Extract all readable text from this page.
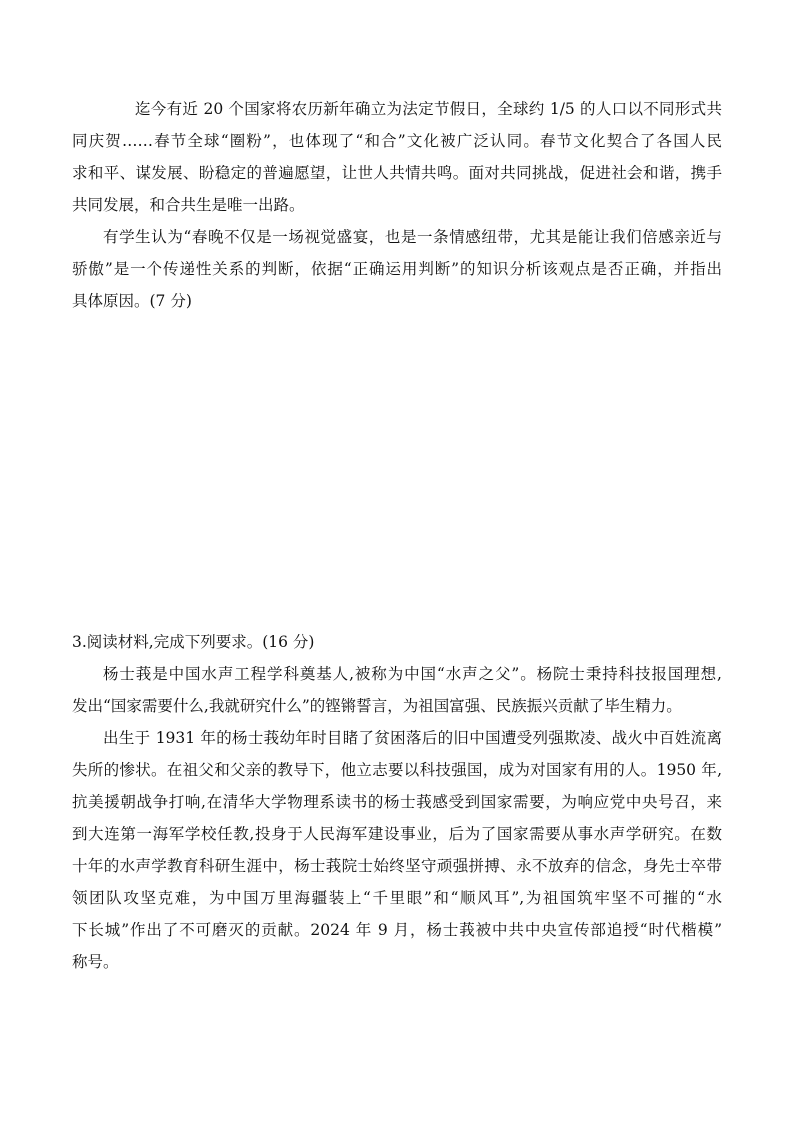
迄今有近 20 个国家将农历新年确立为法定节假日，全球约 1/5 的人口以不同形式共
同庆贺……春节全球“圈粉”，也体现了“和合”文化被广泛认同。春节文化契合了各国人民
求和平、谋发展、盼稳定的普遍愿望，让世人共情共鸣。面对共同挑战，促进社会和谐，携手
共同发展，和合共生是唯一出路。
有学生认为“春晚不仅是一场视觉盛宴，也是一条情感纽带，尤其是能让我们倍感亲近与
骄傲”是一个传递性关系的判断，依据“正确运用判断”的知识分析该观点是否正确，并指出
具体原因。(7 分)
3.阅读材料,完成下列要求。(16 分)
杨士莪是中国水声工程学科奠基人,被称为中国“水声之父”。杨院士秉持科技报国理想,
发出“国家需要什么,我就研究什么”的铿锵誓言，为祖国富强、民族振兴贡献了毕生精力。
出生于 1931 年的杨士莪幼年时目睹了贫困落后的旧中国遭受列强欺凌、战火中百姓流离
失所的惨状。在祖父和父亲的教导下，他立志要以科技强国，成为对国家有用的人。1950 年,
抗美援朝战争打响,在清华大学物理系读书的杨士莪感受到国家需要，为响应党中央号召，来
到大连第一海军学校任教,投身于人民海军建设事业，后为了国家需要从事水声学研究。在数
十年的水声学教育科研生涯中，杨士莪院士始终坚守顽强拼搏、永不放弃的信念，身先士卒带
领团队攻坚克难，为中国万里海疆装上“千里眼”和“顺风耳”,为祖国筑牢坚不可摧的“水
下长城”作出了不可磨灭的贡献。2024 年 9 月，杨士莪被中共中央宣传部追授“时代楷模”
称号。
